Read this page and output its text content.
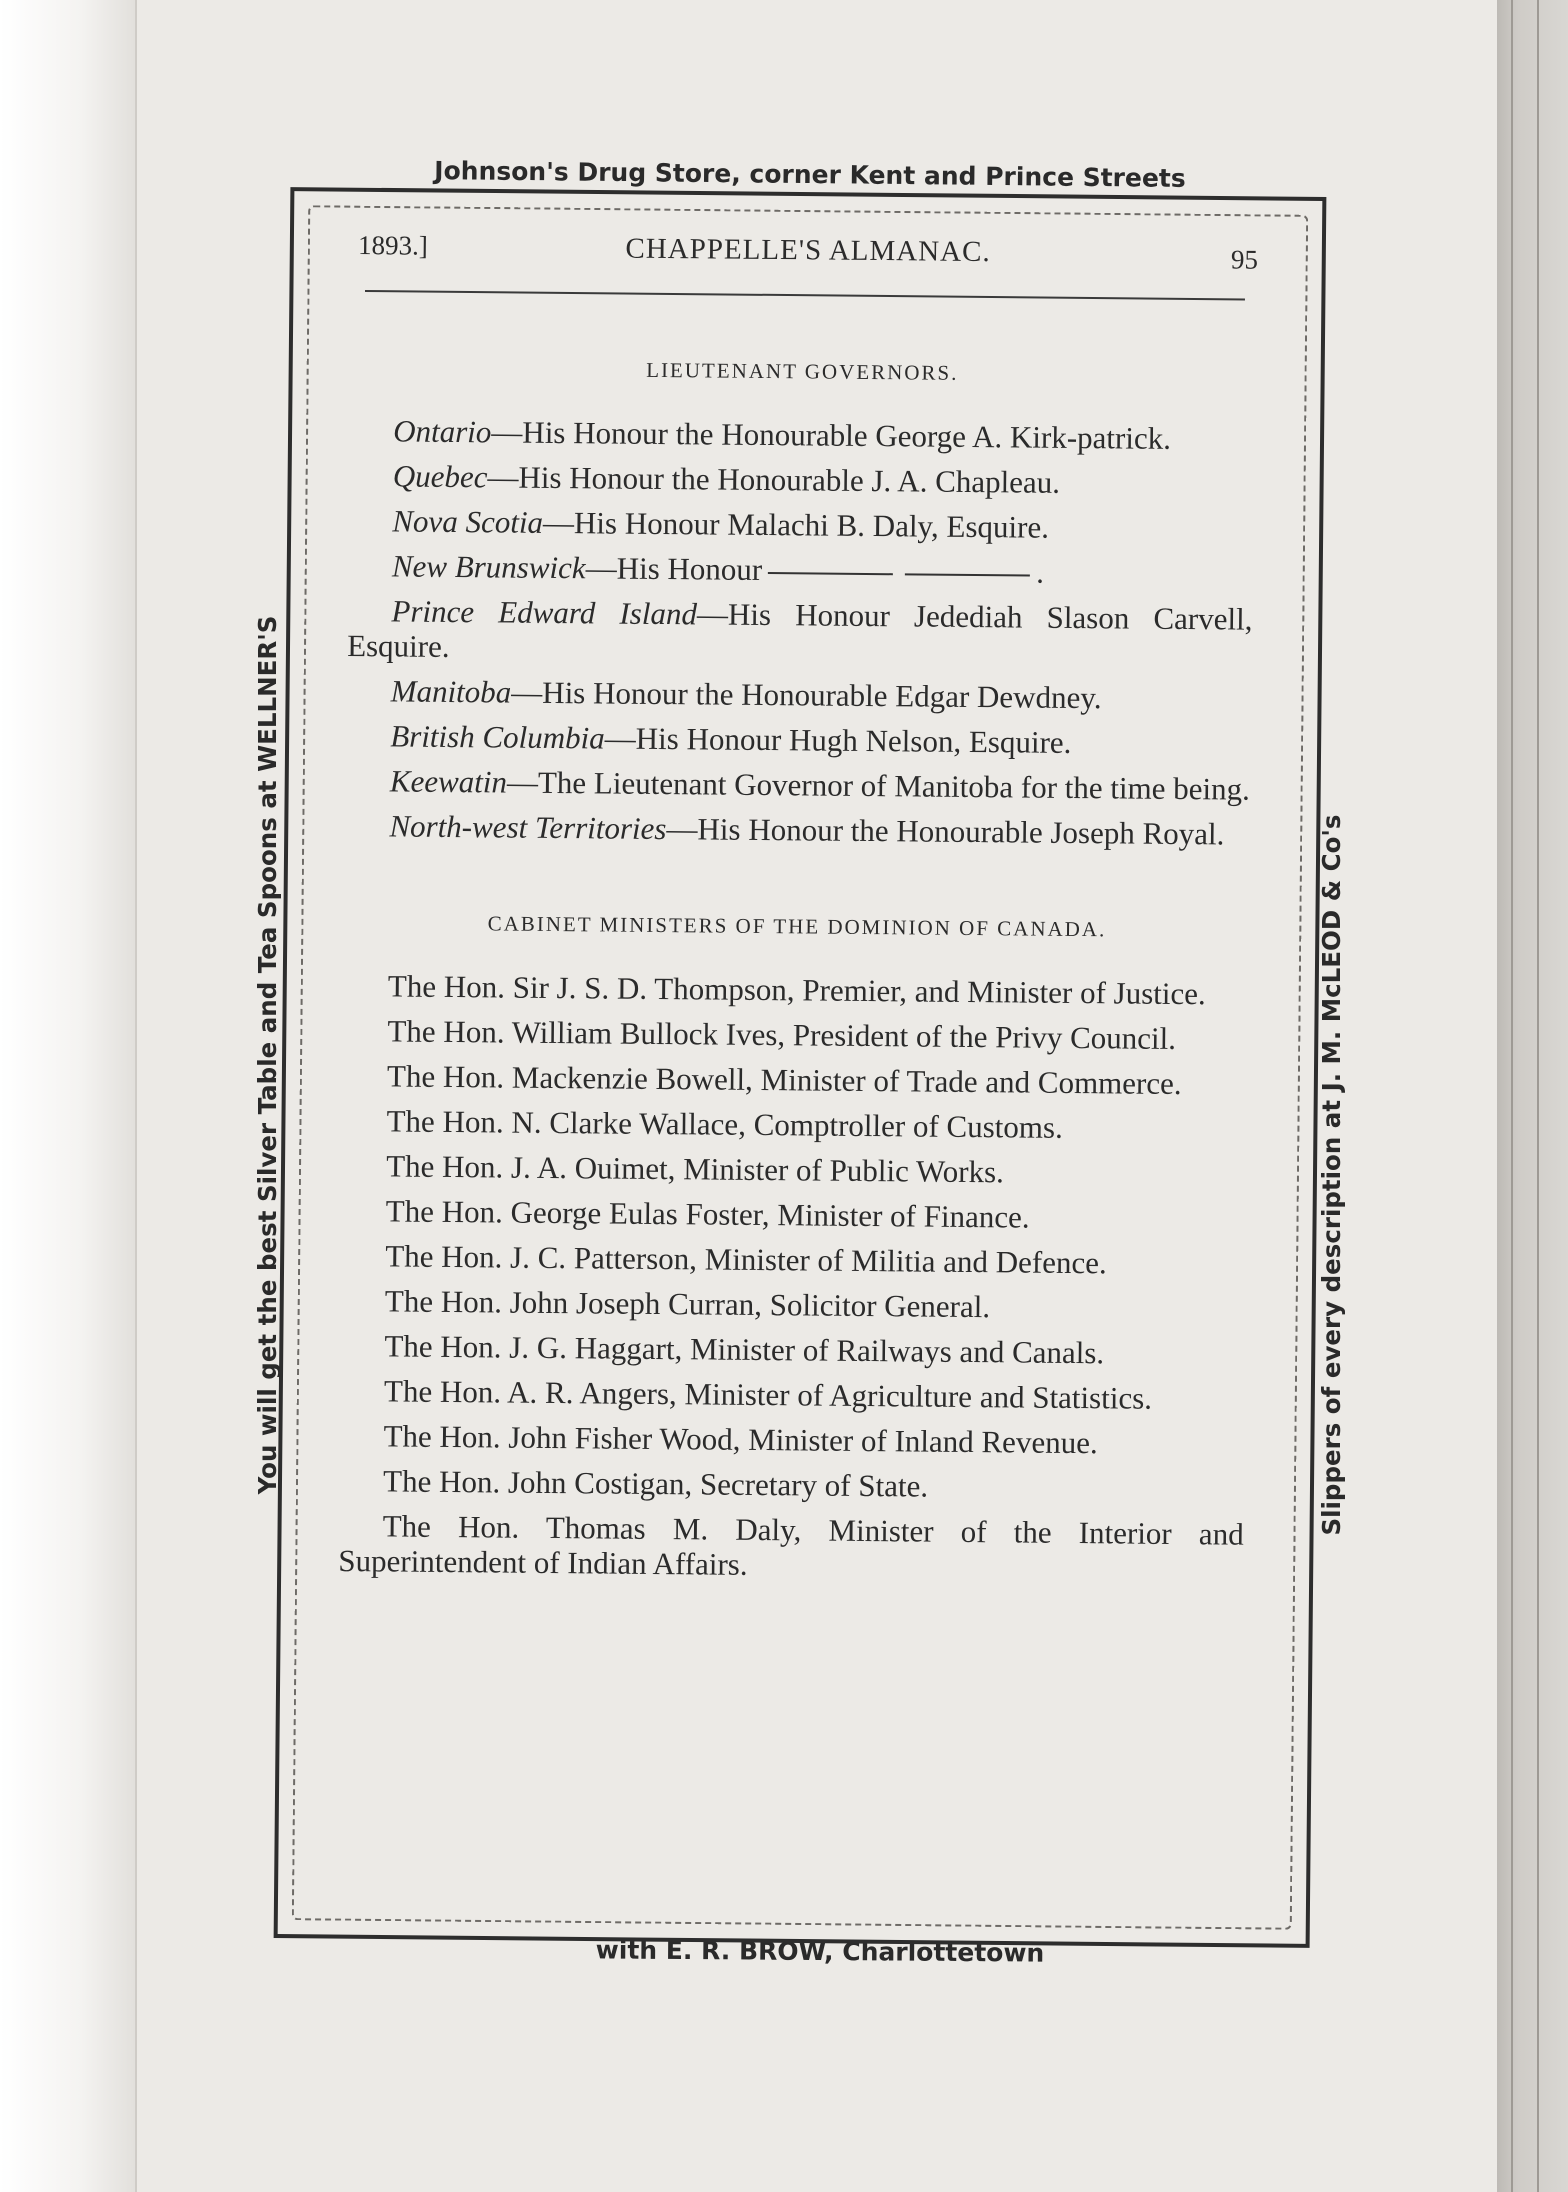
Johnson's Drug Store, corner Kent and Prince Streets
You will get the best Silver Table and Tea Spoons at WELLNER'S	Slippers of every description at J. M. McLEOD & Co's
with E. R. BROW, Charlottetown
1893.]	CHAPPELLE'S ALMANAC.	95
LIEUTENANT GOVERNORS.

Ontario—His Honour the Honourable George A. Kirk-patrick.

Quebec—His Honour the Honourable J. A. Chapleau.

Nova Scotia—His Honour Malachi B. Daly, Esquire.

New Brunswick—His Honour	.

Prince Edward Island—His Honour Jedediah Slason Carvell, Esquire.

Manitoba—His Honour the Honourable Edgar Dewdney.

British Columbia—His Honour Hugh Nelson, Esquire.

Keewatin—The Lieutenant Governor of Manitoba for the time being.

North-west Territories—His Honour the Honourable Joseph Royal.

CABINET MINISTERS OF THE DOMINION OF CANADA.

The Hon. Sir J. S. D. Thompson, Premier, and Minister of Justice.

The Hon. William Bullock Ives, President of the Privy Council.

The Hon. Mackenzie Bowell, Minister of Trade and Commerce.

The Hon. N. Clarke Wallace, Comptroller of Customs.

The Hon. J. A. Ouimet, Minister of Public Works.

The Hon. George Eulas Foster, Minister of Finance.

The Hon. J. C. Patterson, Minister of Militia and Defence.

The Hon. John Joseph Curran, Solicitor General.

The Hon. J. G. Haggart, Minister of Railways and Canals.

The Hon. A. R. Angers, Minister of Agriculture and Statistics.

The Hon. John Fisher Wood, Minister of Inland Revenue.

The Hon. John Costigan, Secretary of State.

The Hon. Thomas M. Daly, Minister of the Interior and Superintendent of Indian Affairs.
